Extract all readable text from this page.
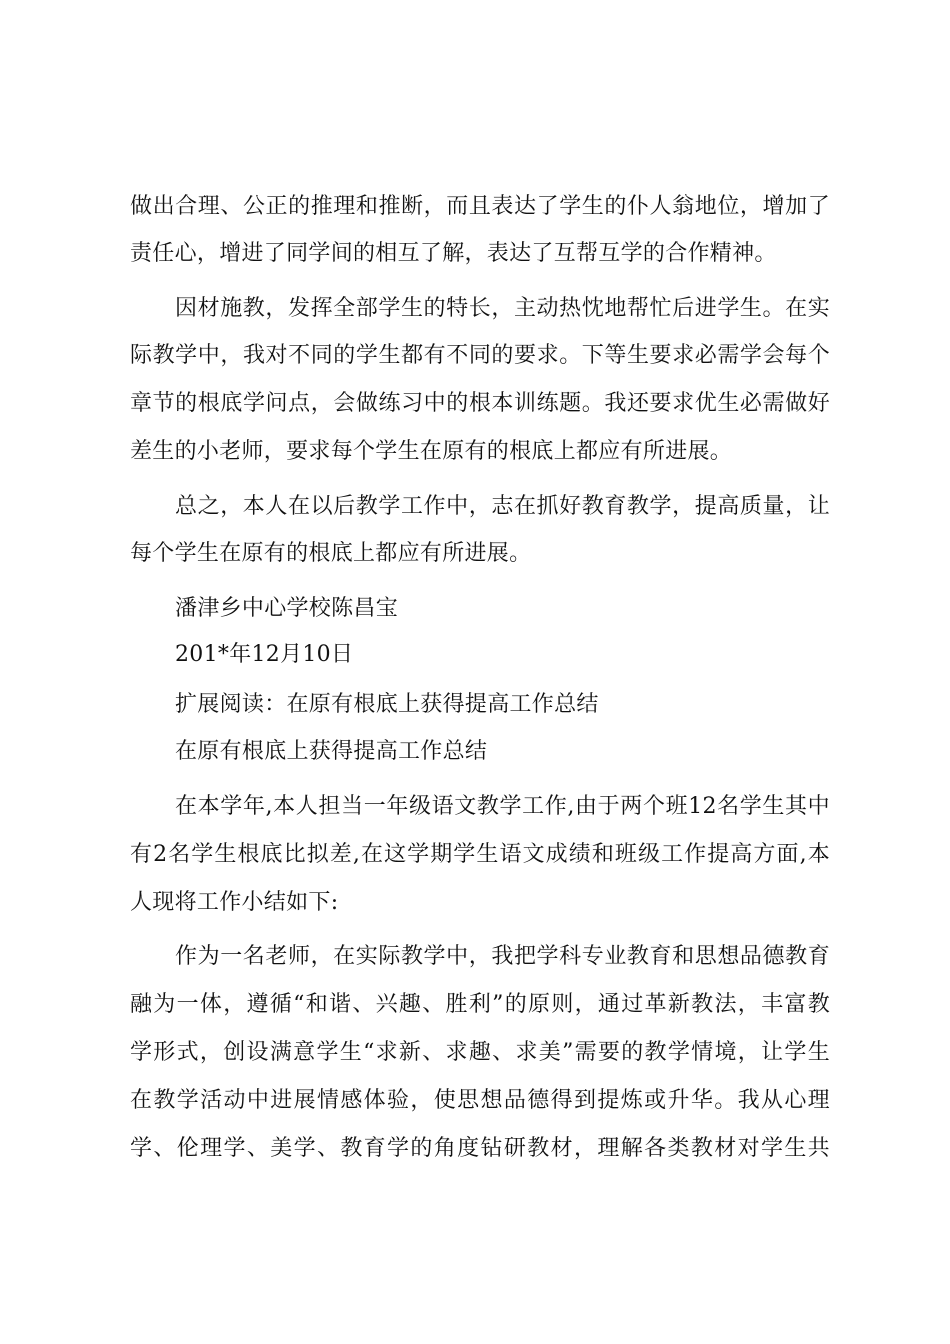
做出合理、公正的推理和推断，而且表达了学生的仆人翁地位，增加了
责任心，增进了同学间的相互了解，表达了互帮互学的合作精神。
因材施教，发挥全部学生的特长，主动热忱地帮忙后进学生。在实
际教学中，我对不同的学生都有不同的要求。下等生要求必需学会每个
章节的根底学问点，会做练习中的根本训练题。我还要求优生必需做好
差生的小老师，要求每个学生在原有的根底上都应有所进展。
总之，本人在以后教学工作中，志在抓好教育教学，提高质量，让
每个学生在原有的根底上都应有所进展。
潘津乡中心学校陈昌宝
201*年12月10日
扩展阅读：在原有根底上获得提高工作总结
在原有根底上获得提高工作总结
在本学年,本人担当一年级语文教学工作,由于两个班12名学生其中
有2名学生根底比拟差,在这学期学生语文成绩和班级工作提高方面,本
人现将工作小结如下:
作为一名老师，在实际教学中，我把学科专业教育和思想品德教育
融为一体，遵循“和谐、兴趣、胜利”的原则，通过革新教法，丰富教
学形式，创设满意学生“求新、求趣、求美”需要的教学情境，让学生
在教学活动中进展情感体验，使思想品德得到提炼或升华。我从心理
学、伦理学、美学、教育学的角度钻研教材，理解各类教材对学生共
